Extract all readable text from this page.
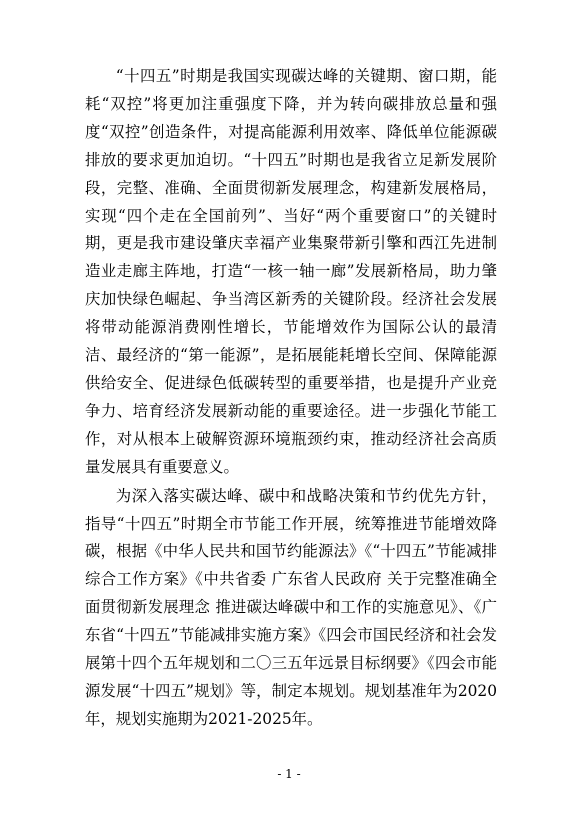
“十四五”时期是我国实现碳达峰的关键期、窗口期，能耗“双控”将更加注重强度下降，并为转向碳排放总量和强度“双控”创造条件，对提高能源利用效率、降低单位能源碳排放的要求更加迫切。“十四五”时期也是我省立足新发展阶段，完整、准确、全面贯彻新发展理念，构建新发展格局，实现“四个走在全国前列”、当好“两个重要窗口”的关键时期，更是我市建设肇庆幸福产业集聚带新引擎和西江先进制造业走廊主阵地，打造“一核一轴一廊”发展新格局，助力肇庆加快绿色崛起、争当湾区新秀的关键阶段。经济社会发展将带动能源消费刚性增长，节能增效作为国际公认的最清洁、最经济的“第一能源”，是拓展能耗增长空间、保障能源供给安全、促进绿色低碳转型的重要举措，也是提升产业竞争力、培育经济发展新动能的重要途径。进一步强化节能工作，对从根本上破解资源环境瓶颈约束，推动经济社会高质量发展具有重要意义。

为深入落实碳达峰、碳中和战略决策和节约优先方针，指导“十四五”时期全市节能工作开展，统筹推进节能增效降碳，根据《中华人民共和国节约能源法》《“十四五”节能减排综合工作方案》《中共省委 广东省人民政府 关于完整准确全面贯彻新发展理念 推进碳达峰碳中和工作的实施意见》、《广东省“十四五”节能减排实施方案》《四会市国民经济和社会发展第十四个五年规划和二〇三五年远景目标纲要》《四会市能源发展“十四五”规划》等，制定本规划。规划基准年为2020年，规划实施期为2021-2025年。

- 1 -
